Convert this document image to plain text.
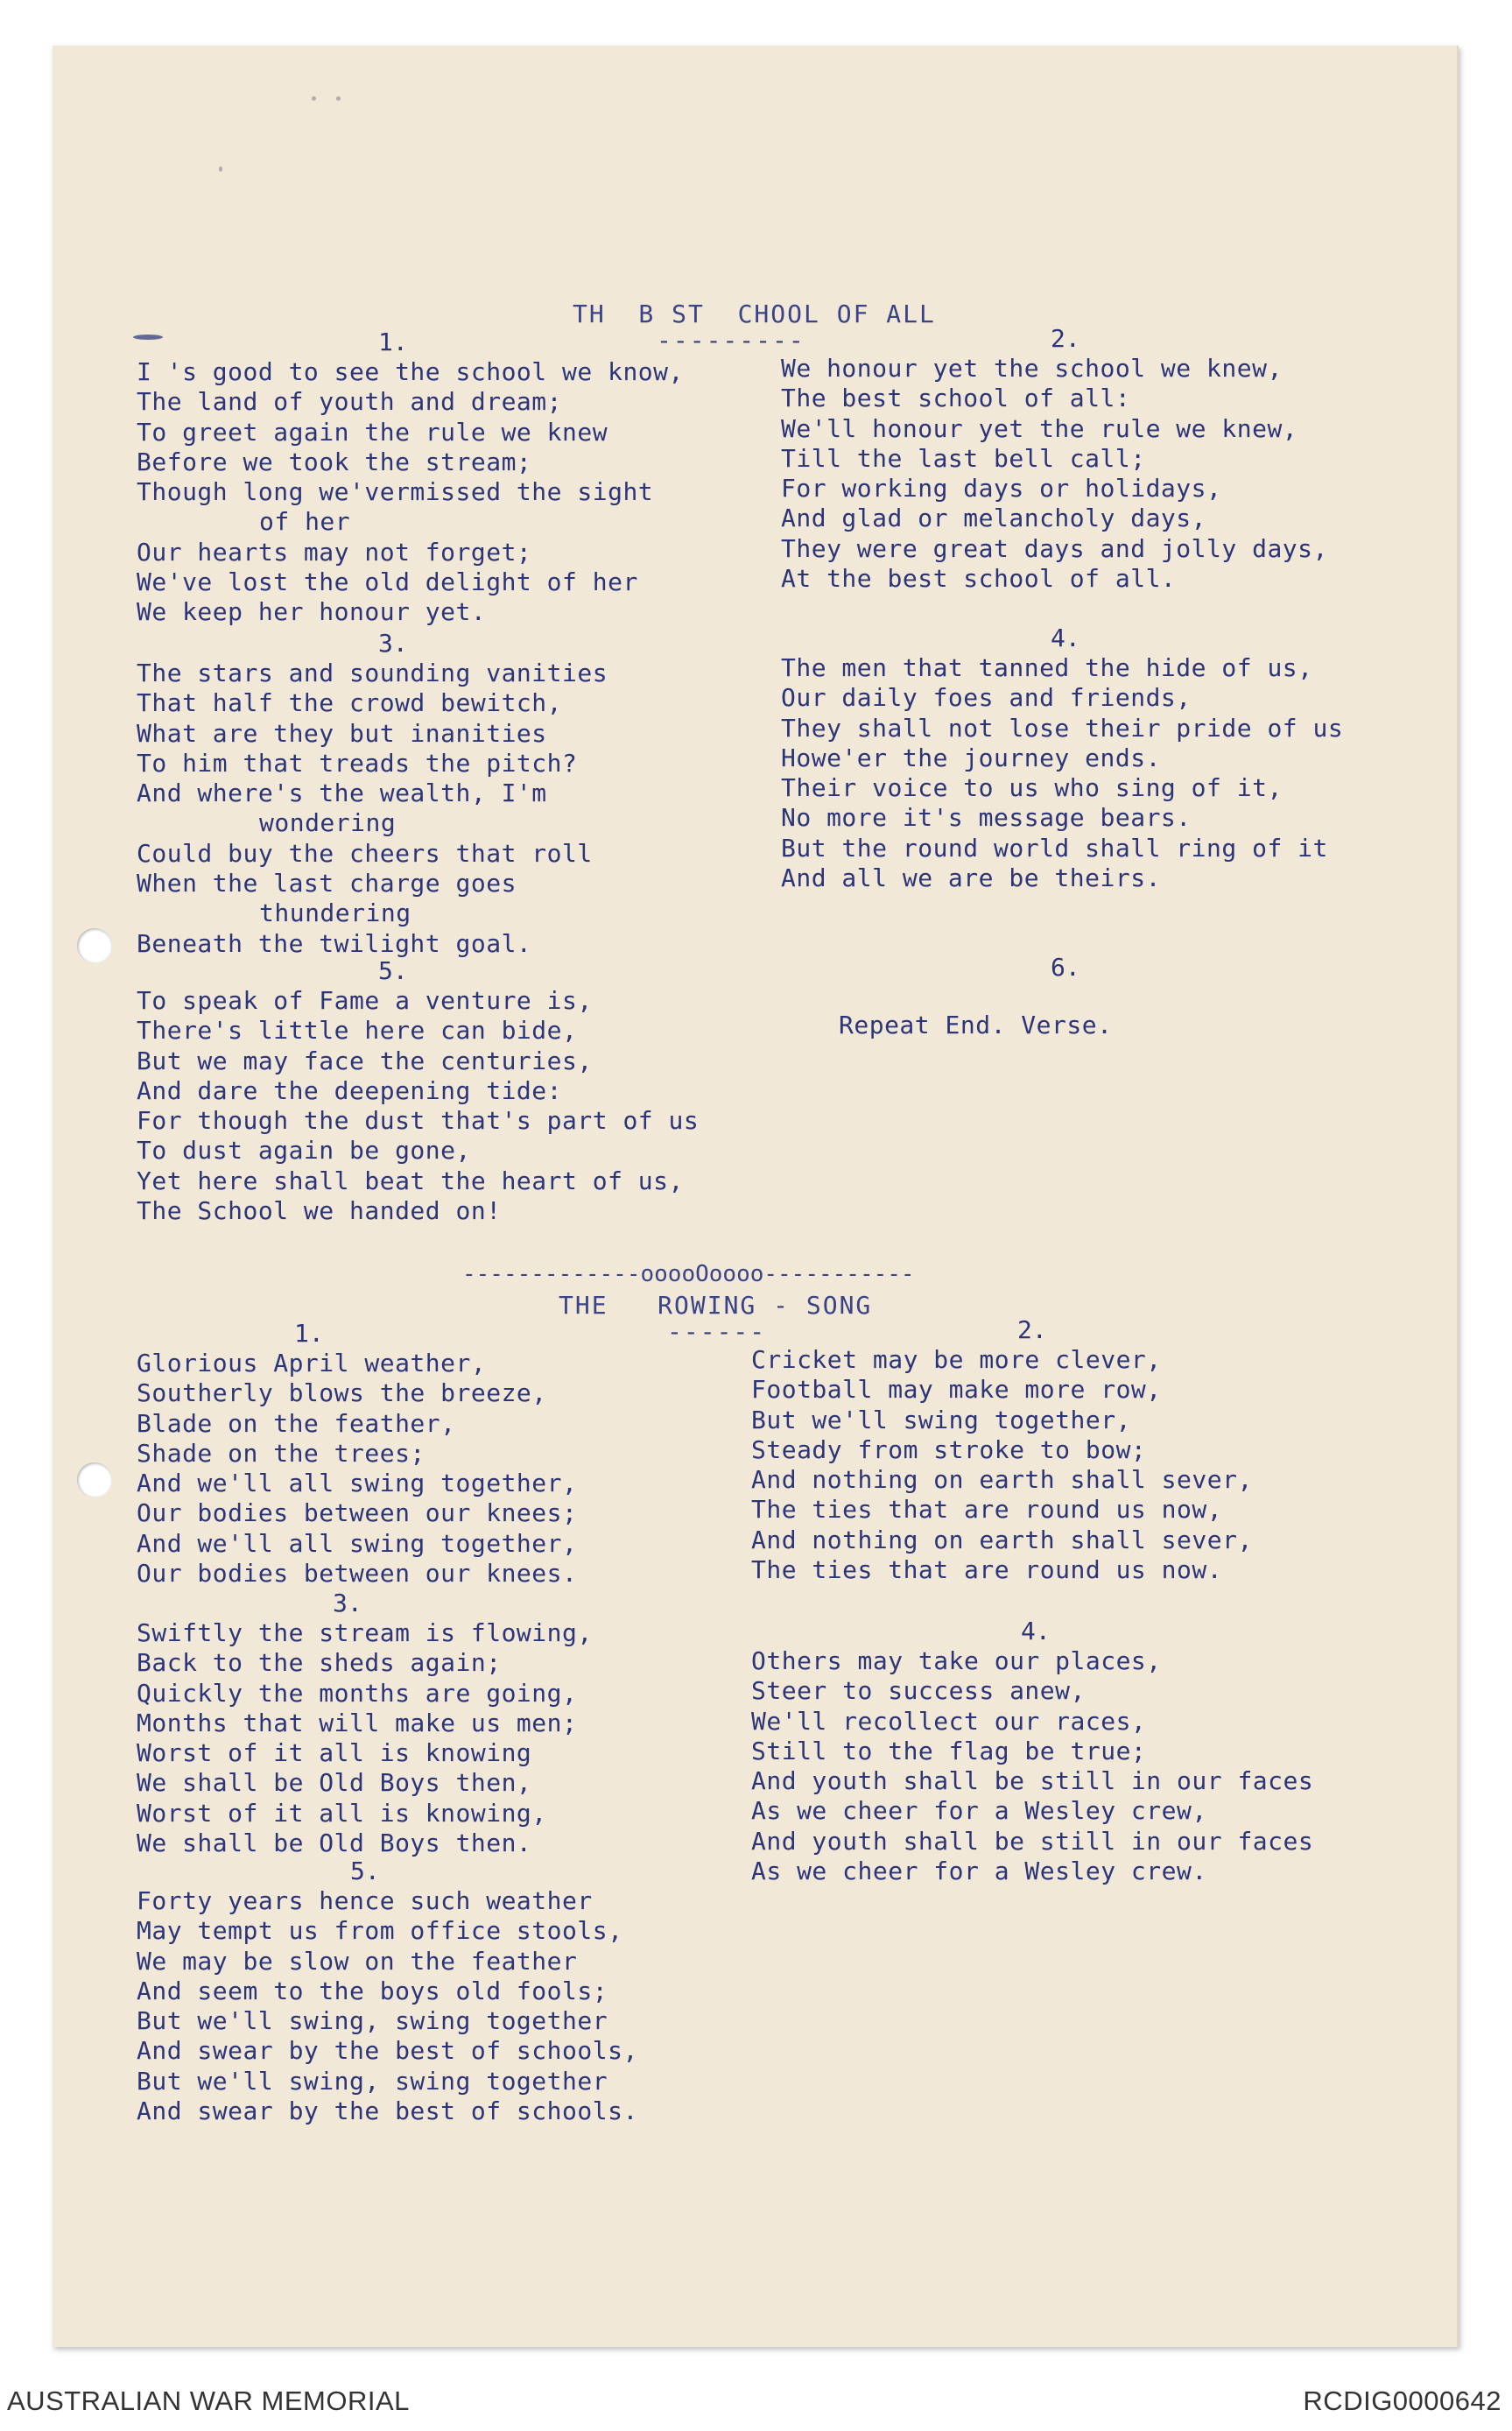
TH  B ST  CHOOL OF ALL

---------

1.

I 's good to see the school we know,
The land of youth and dream;
To greet again the rule we knew
Before we took the stream;
Though long we'vermissed the sight
of her
Our hearts may not forget;
We've lost the old delight of her
We keep her honour yet.

2.

We honour yet the school we knew,
The best school of all:
We'll honour yet the rule we knew,
Till the last bell call;
For working days or holidays,
And glad or melancholy days,
They were great days and jolly days,
At the best school of all.

3.

The stars and sounding vanities
That half the crowd bewitch,
What are they but inanities
To him that treads the pitch?
And where's the wealth, I'm
wondering
Could buy the cheers that roll
When the last charge goes
thundering
Beneath the twilight goal.

4.

The men that tanned the hide of us,
Our daily foes and friends,
They shall not lose their pride of us
Howe'er the journey ends.
Their voice to us who sing of it,
No more it's message bears.
But the round world shall ring of it
And all we are be theirs.

5.

To speak of Fame a venture is,
There's little here can bide,
But we may face the centuries,
And dare the deepening tide:
For though the dust that's part of us
To dust again be gone,
Yet here shall beat the heart of us,
The School we handed on!

6.

Repeat End. Verse.

-------------ooooOoooo-----------

THE   ROWING - SONG

------

1.

Glorious April weather,
Southerly blows the breeze,
Blade on the feather,
Shade on the trees;
And we'll all swing together,
Our bodies between our knees;
And we'll all swing together,
Our bodies between our knees.

2.

Cricket may be more clever,
Football may make more row,
But we'll swing together,
Steady from stroke to bow;
And nothing on earth shall sever,
The ties that are round us now,
And nothing on earth shall sever,
The ties that are round us now.

3.

Swiftly the stream is flowing,
Back to the sheds again;
Quickly the months are going,
Months that will make us men;
Worst of it all is knowing
We shall be Old Boys then,
Worst of it all is knowing,
We shall be Old Boys then.

4.

Others may take our places,
Steer to success anew,
We'll recollect our races,
Still to the flag be true;
And youth shall be still in our faces
As we cheer for a Wesley crew,
And youth shall be still in our faces
As we cheer for a Wesley crew.

5.

Forty years hence such weather
May tempt us from office stools,
We may be slow on the feather
And seem to the boys old fools;
But we'll swing, swing together
And swear by the best of schools,
But we'll swing, swing together
And swear by the best of schools.
AUSTRALIAN WAR MEMORIAL	RCDIG0000642
